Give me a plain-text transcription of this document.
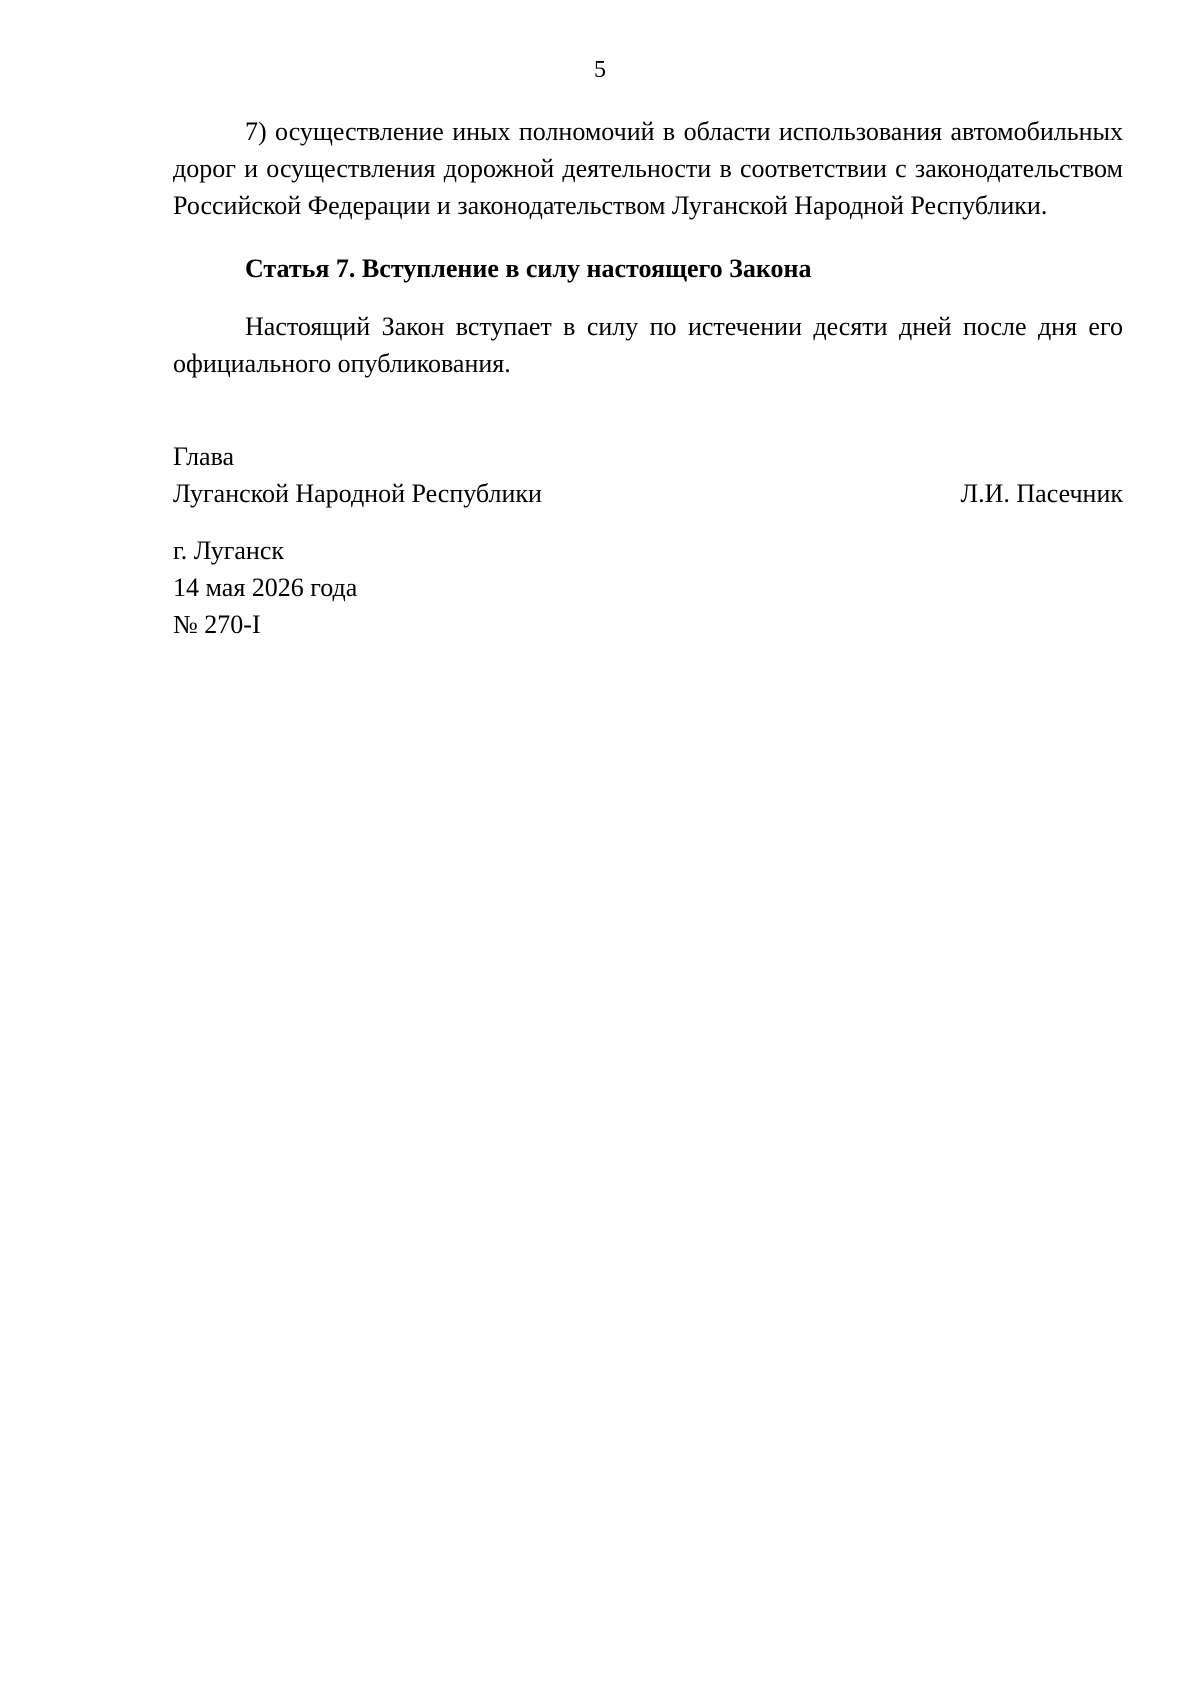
5

7) осуществление иных полномочий в области использования автомобильных дорог и осуществления дорожной деятельности в соответствии с законодательством Российской Федерации и законодательством Луганской Народной Республики.

Статья 7. Вступление в силу настоящего Закона

Настоящий Закон вступает в силу по истечении десяти дней после дня его официального опубликования.

Глава
Луганской Народной Республики	Л.И. Пасечник
г. Луганск
14 мая 2026 года
№ 270-I
